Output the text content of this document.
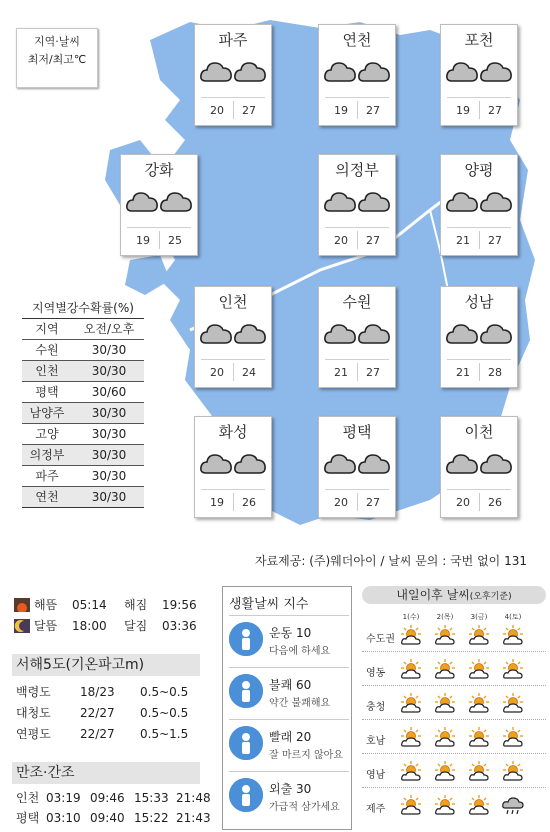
지역·날씨
최저/최고℃
파주
20	27
연천
19	27
포천
19	27
강화
19	25
의정부
20	27
양평
21	27
인천
20	24
수원
21	27
성남
21	28
화성
19	26
평택
20	27
이천
20	26
지역별강수확률(%)
지역	오전/오후
수원	30/30
인천	30/30
평택	30/60
남양주	30/30
고양	30/30
의정부	30/30
파주	30/30
연천	30/30
자료제공: (주)웨더아이 / 날씨 문의 : 국번 없이 131
해뜸 05:14 해짐 19:56
달뜸 18:00 달짐 03:36
서해5도(기온파고m)
백령도 18/23 0.5~0.5
대청도 22/27 0.5~0.5
연평도 22/27 0.5~1.5
만조·간조
인천 03:19 09:46 15:33 21:48
평택 03:10 09:40 15:22 21:43
생활날씨 지수
운동 10
다음에 하세요
불쾌 60
약간 불쾌해요
빨래 20
잘 마르지 않아요
외출 30
가급적 삼가세요
내일이후 날씨(오후기준)
1(수)	2(목)	3(금)	4(토)
수도권
영동
충청
호남
영남
제주
